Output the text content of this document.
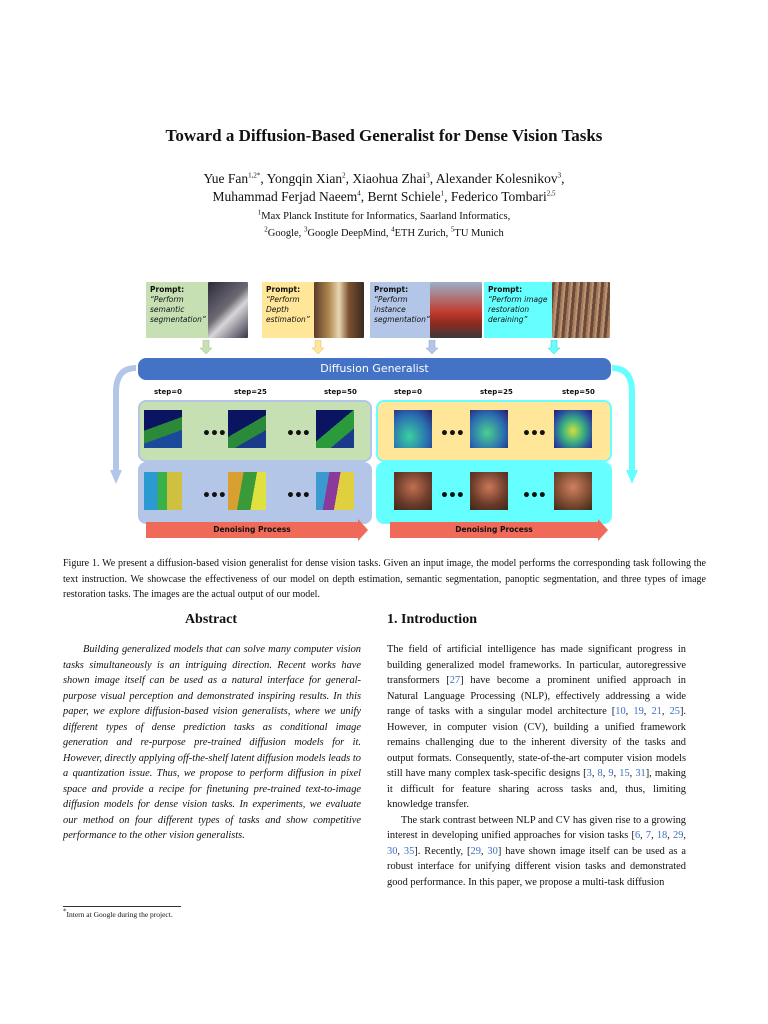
Toward a Diffusion-Based Generalist for Dense Vision Tasks
Yue Fan$^{1,2*}$, Yongqin Xian$^2$, Xiaohua Zhai$^3$, Alexander Kolesnikov$^3$,
Muhammad Ferjad Naeem$^4$, Bernt Schiele$^1$, Federico Tombari$^{2,5}$
$^1$Max Planck Institute for Informatics, Saarland Informatics,
$^2$Google, $^3$Google DeepMind, $^4$ETH Zurich, $^5$TU Munich
Prompt:
“Perform semantic segmentation”
Prompt:
“Perform Depth estimation”
Prompt:
“Perform instance segmentation”
Prompt:
“Perform image restoration deraining”
Diffusion Generalist
step=0	step=25	step=50	step=0	step=25	step=50
•••	•••
•••	•••
•••	•••
•••	•••
Denoising Process	Denoising Process
Figure 1. We present a diffusion-based vision generalist for dense vision tasks. Given an input image, the model performs the corresponding task following the text instruction. We showcase the effectiveness of our model on depth estimation, semantic segmentation, panoptic segmentation, and three types of image restoration tasks. The images are the actual output of our model.
Abstract

Building generalized models that can solve many computer vision tasks simultaneously is an intriguing direction. Recent works have shown image itself can be used as a natural interface for general-purpose visual perception and demonstrated inspiring results. In this paper, we explore diffusion-based vision generalists, where we unify different types of dense prediction tasks as conditional image generation and re-purpose pre-trained diffusion models for it. However, directly applying off-the-shelf latent diffusion models leads to a quantization issue. Thus, we propose to perform diffusion in pixel space and provide a recipe for finetuning pre-trained text-to-image diffusion models for dense vision tasks. In experiments, we evaluate our method on four different types of tasks and show competitive performance to the other vision generalists.

1. Introduction

The field of artificial intelligence has made significant progress in building generalized model frameworks. In particular, autoregressive transformers [27] have become a prominent unified approach in Natural Language Processing (NLP), effectively addressing a wide range of tasks with a singular model architecture [10, 19, 21, 25]. However, in computer vision (CV), building a unified framework remains challenging due to the inherent diversity of the tasks and output formats. Consequently, state-of-the-art computer vision models still have many complex task-specific designs [3, 8, 9, 15, 31], making it difficult for feature sharing across tasks and, thus, limiting knowledge transfer.

The stark contrast between NLP and CV has given rise to a growing interest in developing unified approaches for vision tasks [6, 7, 18, 29, 30, 35]. Recently, [29, 30] have shown image itself can be used as a robust interface for unifying different vision tasks and demonstrated good performance. In this paper, we propose a multi-task diffusion

*Intern at Google during the project.
